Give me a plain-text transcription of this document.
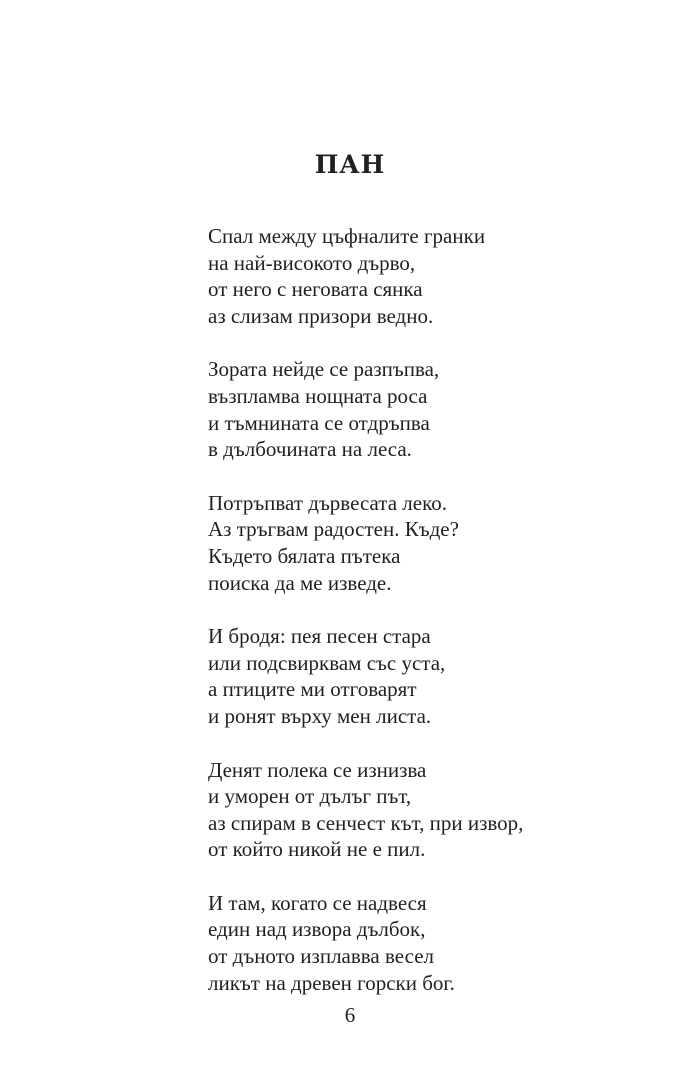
ПАН
Спал между цъфналите гранки
на най-високото дърво,
от него с неговата сянка
аз слизам призори ведно.
Зората нейде се разпъпва,
възпламва нощната роса
и тъмнината се отдръпва
в дълбочината на леса.
Потръпват дървесата леко.
Аз тръгвам радостен. Къде?
Където бялата пътека
поиска да ме изведе.
И бродя: пея песен стара
или подсвирквам със уста,
а птиците ми отговарят
и ронят върху мен листа.
Денят полека се изнизва
и уморен от дълъг път,
аз спирам в сенчест кът, при извор,
от който никой не е пил.
И там, когато се надвеся
един над извора дълбок,
от дъното изплавва весел
ликът на древен горски бог.
6
